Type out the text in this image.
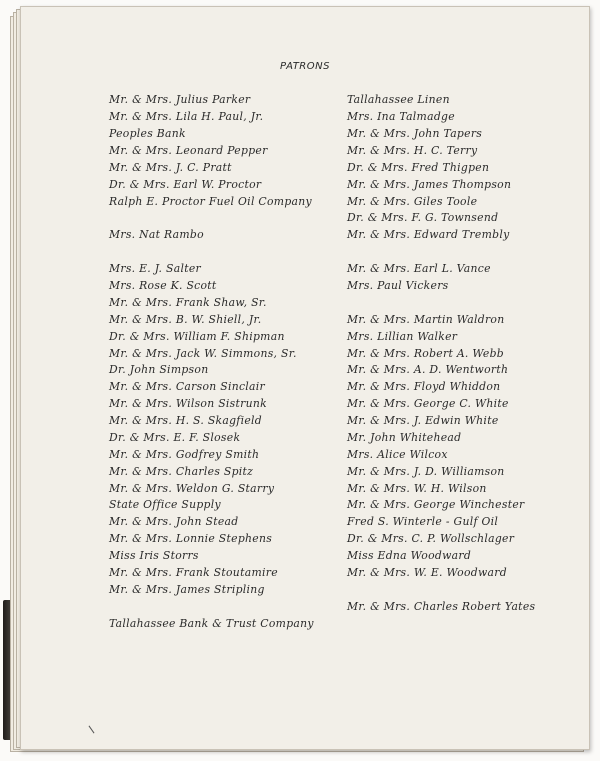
PATRONS
Mr. & Mrs. Julius Parker
Mr. & Mrs. Lila H. Paul, Jr.
Peoples Bank
Mr. & Mrs. Leonard Pepper
Mr. & Mrs. J. C. Pratt
Dr. & Mrs. Earl W. Proctor
Ralph E. Proctor Fuel Oil Company
Mrs. Nat Rambo
Mrs. E. J. Salter
Mrs. Rose K. Scott
Mr. & Mrs. Frank Shaw, Sr.
Mr. & Mrs. B. W. Shiell, Jr.
Dr. & Mrs. William F. Shipman
Mr. & Mrs. Jack W. Simmons, Sr.
Dr. John Simpson
Mr. & Mrs. Carson Sinclair
Mr. & Mrs. Wilson Sistrunk
Mr. & Mrs. H. S. Skagfield
Dr. & Mrs. E. F. Slosek
Mr. & Mrs. Godfrey Smith
Mr. & Mrs. Charles Spitz
Mr. & Mrs. Weldon G. Starry
State Office Supply
Mr. & Mrs. John Stead
Mr. & Mrs. Lonnie Stephens
Miss Iris Storrs
Mr. & Mrs. Frank Stoutamire
Mr. & Mrs. James Stripling
Tallahassee Bank & Trust Company
Tallahassee Linen
Mrs. Ina Talmadge
Mr. & Mrs. John Tapers
Mr. & Mrs. H. C. Terry
Dr. & Mrs. Fred Thigpen
Mr. & Mrs. James Thompson
Mr. & Mrs. Giles Toole
Dr. & Mrs. F. G. Townsend
Mr. & Mrs. Edward Trembly
Mr. & Mrs. Earl L. Vance
Mrs. Paul Vickers
Mr. & Mrs. Martin Waldron
Mrs. Lillian Walker
Mr. & Mrs. Robert A. Webb
Mr. & Mrs. A. D. Wentworth
Mr. & Mrs. Floyd Whiddon
Mr. & Mrs. George C. White
Mr. & Mrs. J. Edwin White
Mr. John Whitehead
Mrs. Alice Wilcox
Mr. & Mrs. J. D. Williamson
Mr. & Mrs. W. H. Wilson
Mr. & Mrs. George Winchester
Fred S. Winterle - Gulf Oil
Dr. & Mrs. C. P. Wollschlager
Miss Edna Woodward
Mr. & Mrs. W. E. Woodward
Mr. & Mrs. Charles Robert Yates
